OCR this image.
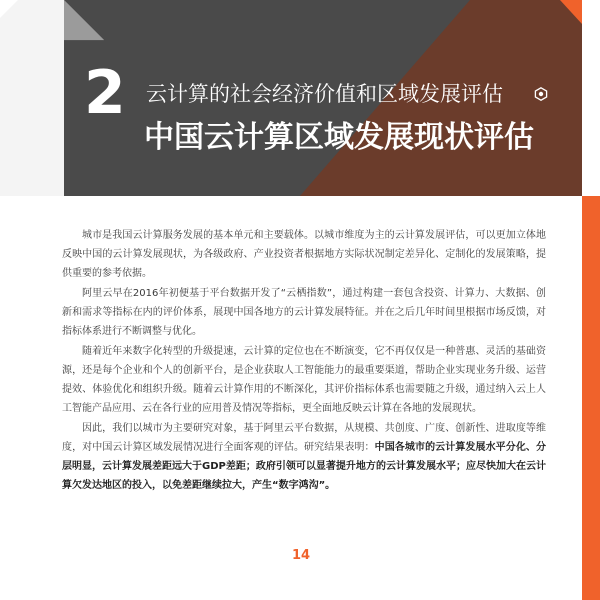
2 云计算的社会经济价值和区域发展评估
中国云计算区域发展现状评估

城市是我国云计算服务发展的基本单元和主要载体。以城市维度为主的云计算发展评估，可以更加立体地反映中国的云计算发展现状，为各级政府、产业投资者根据地方实际状况制定差异化、定制化的发展策略，提供重要的参考依据。

阿里云早在2016年初便基于平台数据开发了“云栖指数”，通过构建一套包含投资、计算力、大数据、创新和需求等指标在内的评价体系，展现中国各地方的云计算发展特征。并在之后几年时间里根据市场反馈，对指标体系进行不断调整与优化。

随着近年来数字化转型的升级提速，云计算的定位也在不断演变，它不再仅仅是一种普惠、灵活的基础资源，还是每个企业和个人的创新平台，是企业获取人工智能能力的最重要渠道，帮助企业实现业务升级、运营提效、体验优化和组织升级。随着云计算作用的不断深化，其评价指标体系也需要随之升级，通过纳入云上人工智能产品应用、云在各行业的应用普及情况等指标，更全面地反映云计算在各地的发展现状。

因此，我们以城市为主要研究对象，基于阿里云平台数据，从规模、共创度、广度、创新性、进取度等维度，对中国云计算区域发展情况进行全面客观的评估。研究结果表明：中国各城市的云计算发展水平分化、分层明显，云计算发展差距远大于GDP差距；政府引领可以显著提升地方的云计算发展水平；应尽快加大在云计算欠发达地区的投入，以免差距继续拉大，产生“数字鸿沟”。

14
